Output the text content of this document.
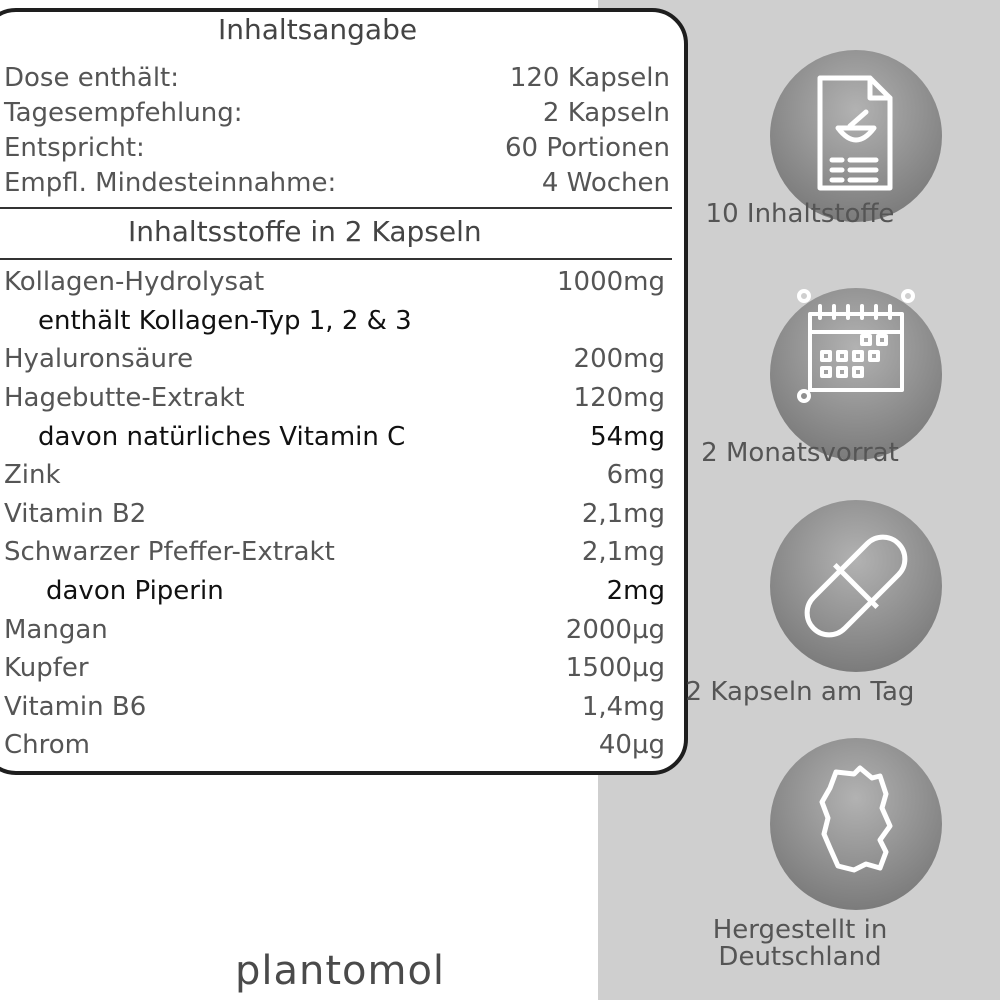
Inhaltsangabe
Dose enthält:	120 Kapseln
Tagesempfehlung:	2 Kapseln
Entspricht:	60 Portionen
Empfl. Mindesteinnahme:	4 Wochen
Inhaltsstoffe in 2 Kapseln
Kollagen-Hydrolysat	1000mg
enthält Kollagen-Typ 1, 2 & 3
Hyaluronsäure	200mg
Hagebutte-Extrakt	120mg
davon natürliches Vitamin C	54mg
Zink	6mg
Vitamin B2	2,1mg
Schwarzer Pfeffer-Extrakt	2,1mg
davon Piperin	2mg
Mangan	2000µg
Kupfer	1500µg
Vitamin B6	1,4mg
Chrom	40µg
10 Inhaltstoffe
2 Monatsvorrat
2 Kapseln am Tag
Hergestellt in Deutschland
plantomol
